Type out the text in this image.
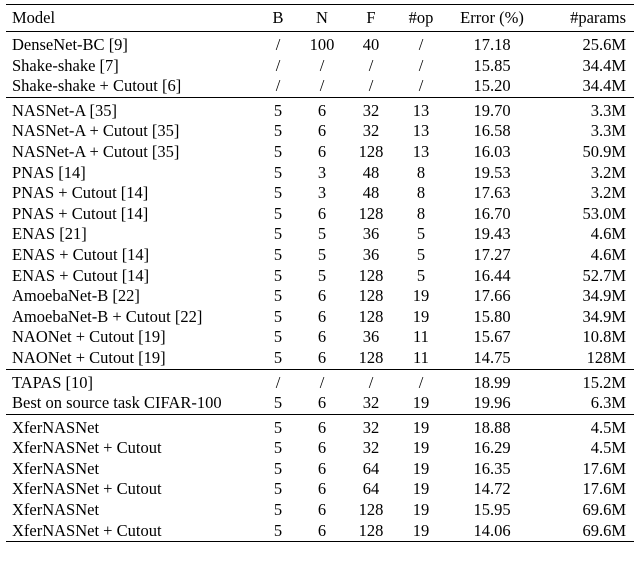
Model	B	N	F	#op	Error (%)	#params
DenseNet-BC [9]	/	100	40	/	17.18	25.6M
Shake-shake [7]	/	/	/	/	15.85	34.4M
Shake-shake + Cutout [6]	/	/	/	/	15.20	34.4M
NASNet-A [35]	5	6	32	13	19.70	3.3M
NASNet-A + Cutout [35]	5	6	32	13	16.58	3.3M
NASNet-A + Cutout [35]	5	6	128	13	16.03	50.9M
PNAS [14]	5	3	48	8	19.53	3.2M
PNAS + Cutout [14]	5	3	48	8	17.63	3.2M
PNAS + Cutout [14]	5	6	128	8	16.70	53.0M
ENAS [21]	5	5	36	5	19.43	4.6M
ENAS + Cutout [14]	5	5	36	5	17.27	4.6M
ENAS + Cutout [14]	5	5	128	5	16.44	52.7M
AmoebaNet-B [22]	5	6	128	19	17.66	34.9M
AmoebaNet-B + Cutout [22]	5	6	128	19	15.80	34.9M
NAONet + Cutout [19]	5	6	36	11	15.67	10.8M
NAONet + Cutout [19]	5	6	128	11	14.75	128M
TAPAS [10]	/	/	/	/	18.99	15.2M
Best on source task CIFAR-100	5	6	32	19	19.96	6.3M
XferNASNet	5	6	32	19	18.88	4.5M
XferNASNet + Cutout	5	6	32	19	16.29	4.5M
XferNASNet	5	6	64	19	16.35	17.6M
XferNASNet + Cutout	5	6	64	19	14.72	17.6M
XferNASNet	5	6	128	19	15.95	69.6M
XferNASNet + Cutout	5	6	128	19	14.06	69.6M
